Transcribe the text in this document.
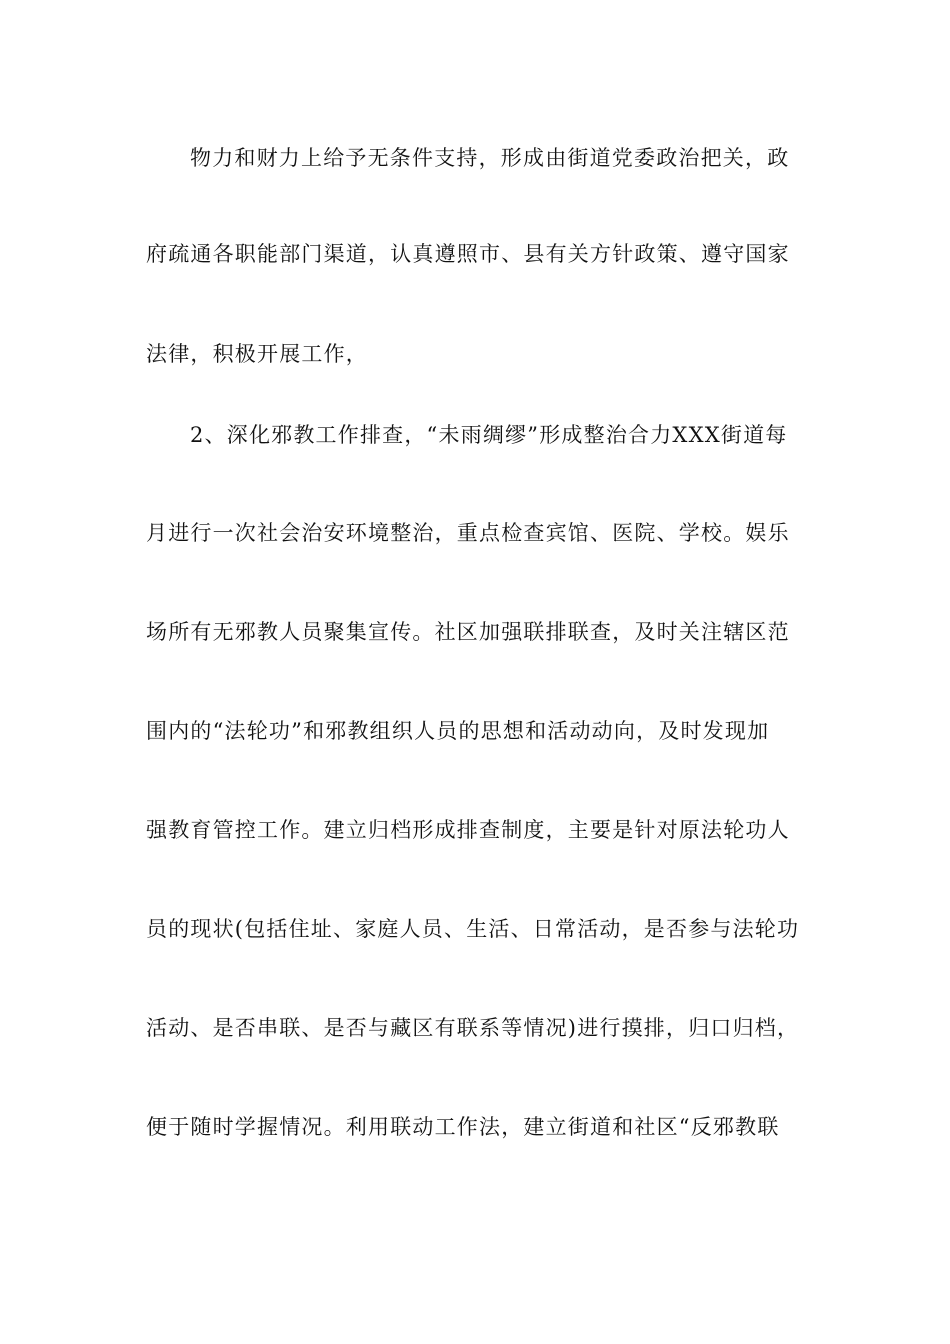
物力和财力上给予无条件支持，形成由街道党委政治把关，政
府疏通各职能部门渠道，认真遵照市、县有关方针政策、遵守国家
法律，积极开展工作，
2、深化邪教工作排查，“未雨绸缪”形成整治合力XXX街道每
月进行一次社会治安环境整治，重点检查宾馆、医院、学校。娱乐
场所有无邪教人员聚集宣传。社区加强联排联查，及时关注辖区范
围内的“法轮功”和邪教组织人员的思想和活动动向，及时发现加
强教育管控工作。建立归档形成排查制度，主要是针对原法轮功人
员的现状(包括住址、家庭人员、生活、日常活动，是否参与法轮功
活动、是否串联、是否与藏区有联系等情况)进行摸排，归口归档，
便于随时学握情况。利用联动工作法，建立街道和社区“反邪教联
